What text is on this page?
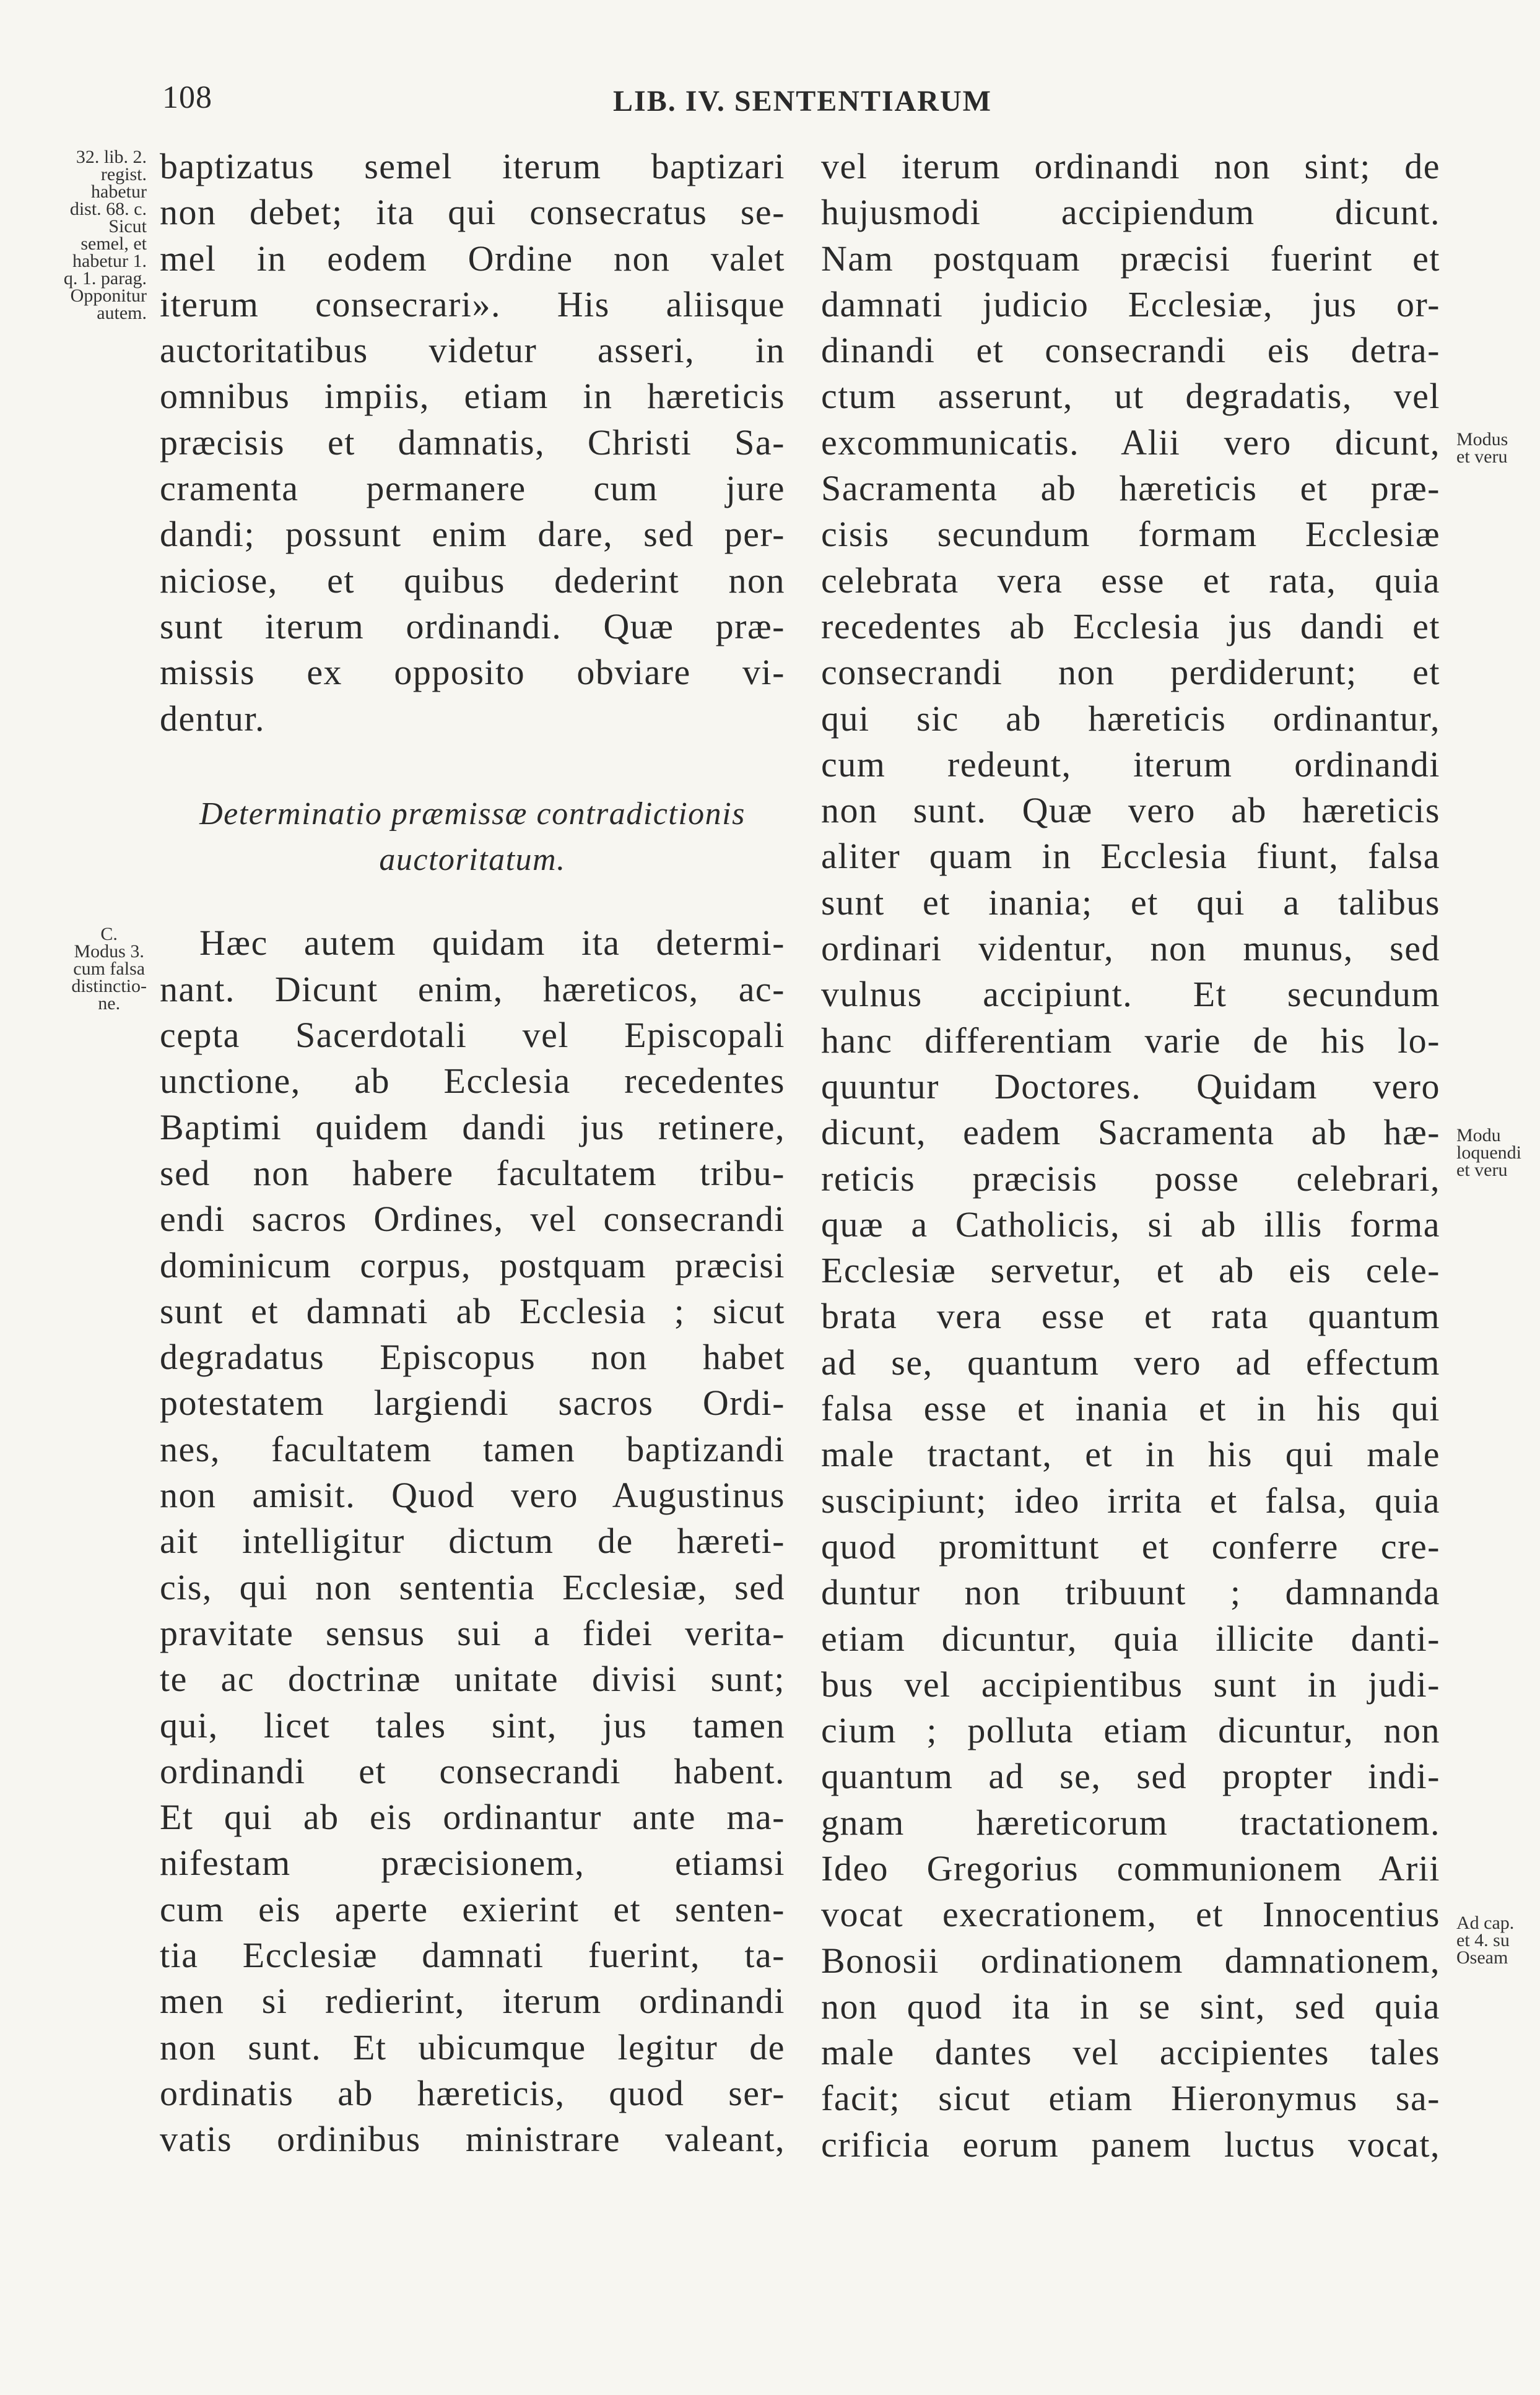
108	LIB. IV. SENTENTIARUM
32. lib. 2.
regist.
habetur
dist. 68. c.
Sicut
semel, et
habetur 1.
q. 1. parag.
Opponitur
autem.
C.
Modus 3.
cum falsa
distinctio-
ne.
Modus
et veru
Modu
loquendi
et veru
Ad cap.
et 4. su
Oseam
baptizatus semel iterum baptizari
non debet; ita qui consecratus se-
mel in eodem Ordine non valet
iterum consecrari». His aliisque
auctoritatibus videtur asseri, in
omnibus impiis, etiam in hæreticis
præcisis et damnatis, Christi Sa-
cramenta permanere cum jure
dandi; possunt enim dare, sed per-
niciose, et quibus dederint non
sunt iterum ordinandi. Quæ præ-
missis ex opposito obviare vi-
dentur.
Determinatio præmissæ contradictionis
auctoritatum.
Hæc autem quidam ita determi-
nant. Dicunt enim, hæreticos, ac-
cepta Sacerdotali vel Episcopali
unctione, ab Ecclesia recedentes
Baptimi quidem dandi jus retinere,
sed non habere facultatem tribu-
endi sacros Ordines, vel consecrandi
dominicum corpus, postquam præcisi
sunt et damnati ab Ecclesia ; sicut
degradatus Episcopus non habet
potestatem largiendi sacros Ordi-
nes, facultatem tamen baptizandi
non amisit. Quod vero Augustinus
ait intelligitur dictum de hæreti-
cis, qui non sententia Ecclesiæ, sed
pravitate sensus sui a fidei verita-
te ac doctrinæ unitate divisi sunt;
qui, licet tales sint, jus tamen
ordinandi et consecrandi habent.
Et qui ab eis ordinantur ante ma-
nifestam præcisionem, etiamsi
cum eis aperte exierint et senten-
tia Ecclesiæ damnati fuerint, ta-
men si redierint, iterum ordinandi
non sunt. Et ubicumque legitur de
ordinatis ab hæreticis, quod ser-
vatis ordinibus ministrare valeant,
vel iterum ordinandi non sint; de
hujusmodi accipiendum dicunt.
Nam postquam præcisi fuerint et
damnati judicio Ecclesiæ, jus or-
dinandi et consecrandi eis detra-
ctum asserunt, ut degradatis, vel
excommunicatis. Alii vero dicunt,
Sacramenta ab hæreticis et præ-
cisis secundum formam Ecclesiæ
celebrata vera esse et rata, quia
recedentes ab Ecclesia jus dandi et
consecrandi non perdiderunt; et
qui sic ab hæreticis ordinantur,
cum redeunt, iterum ordinandi
non sunt. Quæ vero ab hæreticis
aliter quam in Ecclesia fiunt, falsa
sunt et inania; et qui a talibus
ordinari videntur, non munus, sed
vulnus accipiunt. Et secundum
hanc differentiam varie de his lo-
quuntur Doctores. Quidam vero
dicunt, eadem Sacramenta ab hæ-
reticis præcisis posse celebrari,
quæ a Catholicis, si ab illis forma
Ecclesiæ servetur, et ab eis cele-
brata vera esse et rata quantum
ad se, quantum vero ad effectum
falsa esse et inania et in his qui
male tractant, et in his qui male
suscipiunt; ideo irrita et falsa, quia
quod promittunt et conferre cre-
duntur non tribuunt ; damnanda
etiam dicuntur, quia illicite danti-
bus vel accipientibus sunt in judi-
cium ; polluta etiam dicuntur, non
quantum ad se, sed propter indi-
gnam hæreticorum tractationem.
Ideo Gregorius communionem Arii
vocat execrationem, et Innocentius
Bonosii ordinationem damnationem,
non quod ita in se sint, sed quia
male dantes vel accipientes tales
facit; sicut etiam Hieronymus sa-
crificia eorum panem luctus vocat,
